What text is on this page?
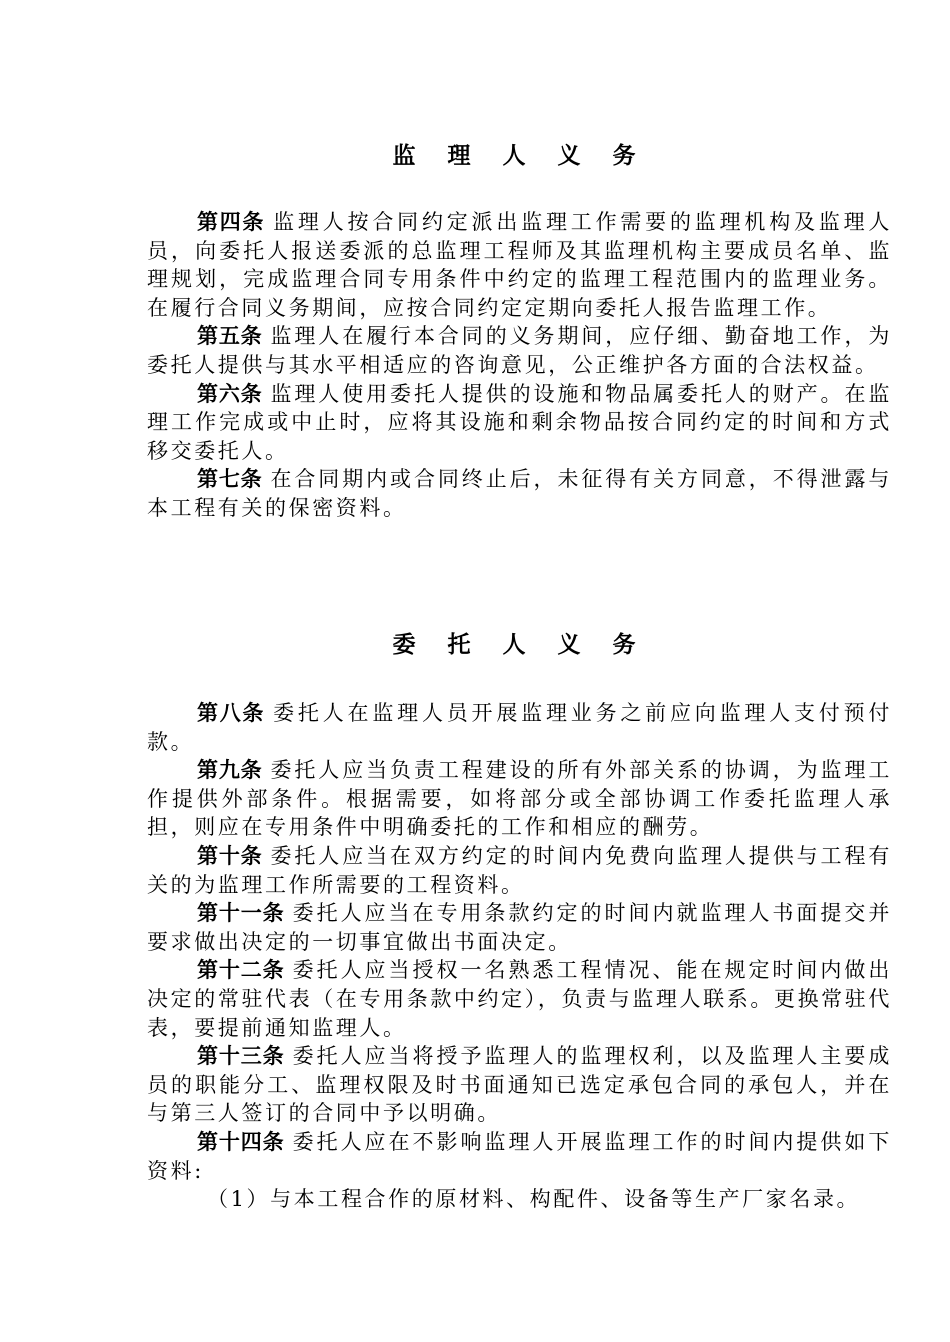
监 理 人 义 务

第四条 监理人按合同约定派出监理工作需要的监理机构及监理人员，向委托人报送委派的总监理工程师及其监理机构主要成员名单、监理规划，完成监理合同专用条件中约定的监理工程范围内的监理业务。在履行合同义务期间，应按合同约定定期向委托人报告监理工作。

第五条 监理人在履行本合同的义务期间，应仔细、勤奋地工作，为委托人提供与其水平相适应的咨询意见，公正维护各方面的合法权益。

第六条 监理人使用委托人提供的设施和物品属委托人的财产。在监理工作完成或中止时，应将其设施和剩余物品按合同约定的时间和方式移交委托人。

第七条 在合同期内或合同终止后，未征得有关方同意，不得泄露与本工程有关的保密资料。

委 托 人 义 务

第八条 委托人在监理人员开展监理业务之前应向监理人支付预付款。

第九条 委托人应当负责工程建设的所有外部关系的协调，为监理工作提供外部条件。根据需要，如将部分或全部协调工作委托监理人承担，则应在专用条件中明确委托的工作和相应的酬劳。

第十条 委托人应当在双方约定的时间内免费向监理人提供与工程有关的为监理工作所需要的工程资料。

第十一条 委托人应当在专用条款约定的时间内就监理人书面提交并要求做出决定的一切事宜做出书面决定。

第十二条 委托人应当授权一名熟悉工程情况、能在规定时间内做出决定的常驻代表（在专用条款中约定），负责与监理人联系。更换常驻代表，要提前通知监理人。

第十三条 委托人应当将授予监理人的监理权利，以及监理人主要成员的职能分工、监理权限及时书面通知已选定承包合同的承包人，并在与第三人签订的合同中予以明确。

第十四条 委托人应在不影响监理人开展监理工作的时间内提供如下资料:

（1）与本工程合作的原材料、构配件、设备等生产厂家名录。
